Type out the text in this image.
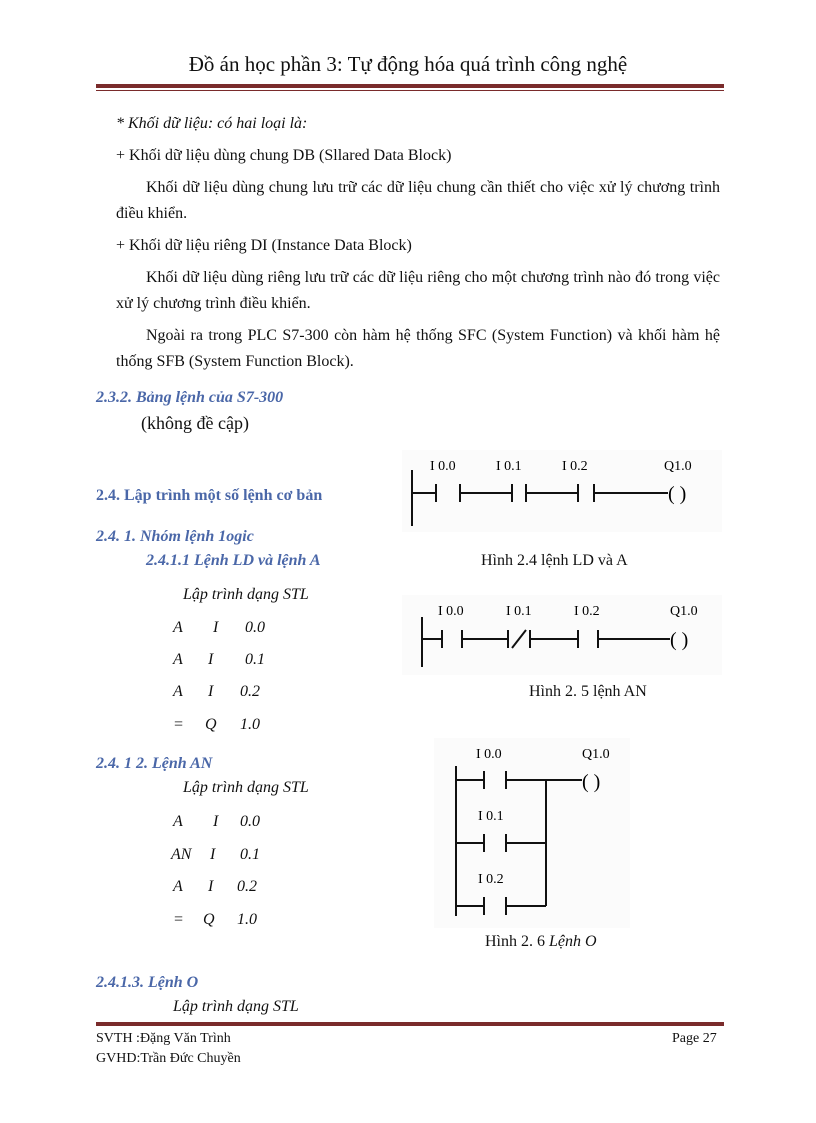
Đồ án học phần 3: Tự động hóa quá trình công nghệ
* Khối dữ liệu: có hai loại là:
+ Khối dữ liệu dùng chung DB (Sllared Data Block)
Khối dữ liệu dùng chung lưu trữ các dữ liệu chung cần thiết cho việc xử lý chương trình điều khiển.
+ Khối dữ liệu riêng DI (Instance Data Block)
Khối dữ liệu dùng riêng lưu trữ các dữ liệu riêng cho một chương trình nào đó trong việc xử lý chương trình điều khiển.
Ngoài ra trong PLC S7-300 còn hàm hệ thống SFC (System Function) và khối hàm hệ thống SFB (System Function Block).
2.3.2. Bảng lệnh của S7-300
(không đề cập)
2.4. Lập trình một số lệnh cơ bản
2.4. 1. Nhóm lệnh 1ogic
2.4.1.1 Lệnh LD và lệnh A
Lập trình dạng STL
A I 0.0
A I 0.1
A I 0.2
= Q 1.0
2.4. 1 2. Lệnh AN
Lập trình dạng STL
A I 0.0
AN I 0.1
A I 0.2
= Q 1.0
2.4.1.3. Lệnh O
Lập trình dạng STL
I 0.0	I 0.1	I 0.2	Q1.0
( )
Hình 2.4 lệnh LD và A
I 0.0	I 0.1	I 0.2	Q1.0
( )
Hình 2. 5 lệnh AN
I 0.0	Q1.0
I 0.1
I 0.2
( )
Hình 2. 6 Lệnh O
SVTH :Đặng Văn Trình
GVHD:Trần Đức Chuyền
Page 27
